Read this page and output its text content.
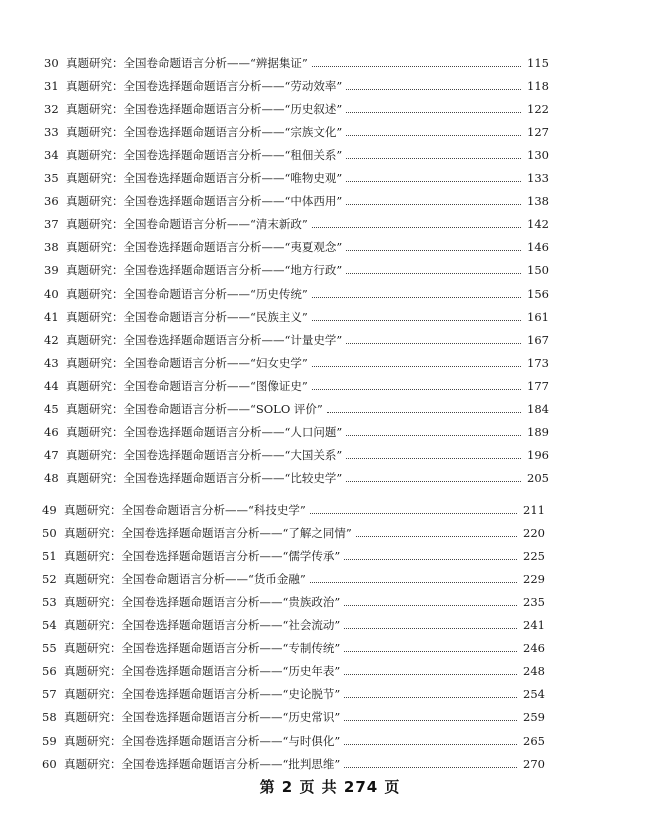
30 真题研究：全国卷命题语言分析——“辨据集证”	115
31 真题研究：全国卷选择题命题语言分析——“劳动效率”	118
32 真题研究：全国卷选择题命题语言分析——“历史叙述”	122
33 真题研究：全国卷选择题命题语言分析——“宗族文化”	127
34 真题研究：全国卷选择题命题语言分析——“租佃关系”	130
35 真题研究：全国卷选择题命题语言分析——“唯物史观”	133
36 真题研究：全国卷选择题命题语言分析——“中体西用”	138
37 真题研究：全国卷命题语言分析——“清末新政”	142
38 真题研究：全国卷选择题命题语言分析——“夷夏观念”	146
39 真题研究：全国卷选择题命题语言分析——“地方行政”	150
40 真题研究：全国卷命题语言分析——“历史传统”	156
41 真题研究：全国卷命题语言分析——“民族主义”	161
42 真题研究：全国卷选择题命题语言分析——“计量史学”	167
43 真题研究：全国卷命题语言分析——“妇女史学”	173
44 真题研究：全国卷命题语言分析——“图像证史”	177
45 真题研究：全国卷命题语言分析——“SOLO 评价”	184
46 真题研究：全国卷选择题命题语言分析——“人口问题”	189
47 真题研究：全国卷选择题命题语言分析——“大国关系”	196
48 真题研究：全国卷选择题命题语言分析——“比较史学”	205
49 真题研究：全国卷命题语言分析——“科技史学”	211
50 真题研究：全国卷选择题命题语言分析——“了解之同情”	220
51 真题研究：全国卷选择题命题语言分析——“儒学传承”	225
52 真题研究：全国卷命题语言分析——“货币金融”	229
53 真题研究：全国卷选择题命题语言分析——“贵族政治”	235
54 真题研究：全国卷选择题命题语言分析——“社会流动”	241
55 真题研究：全国卷选择题命题语言分析——“专制传统”	246
56 真题研究：全国卷选择题命题语言分析——“历史年表”	248
57 真题研究：全国卷选择题命题语言分析——“史论脱节”	254
58 真题研究：全国卷选择题命题语言分析——“历史常识”	259
59 真题研究：全国卷选择题命题语言分析——“与时俱化”	265
60 真题研究：全国卷选择题命题语言分析——“批判思维”	270
第 2 页 共 274 页
